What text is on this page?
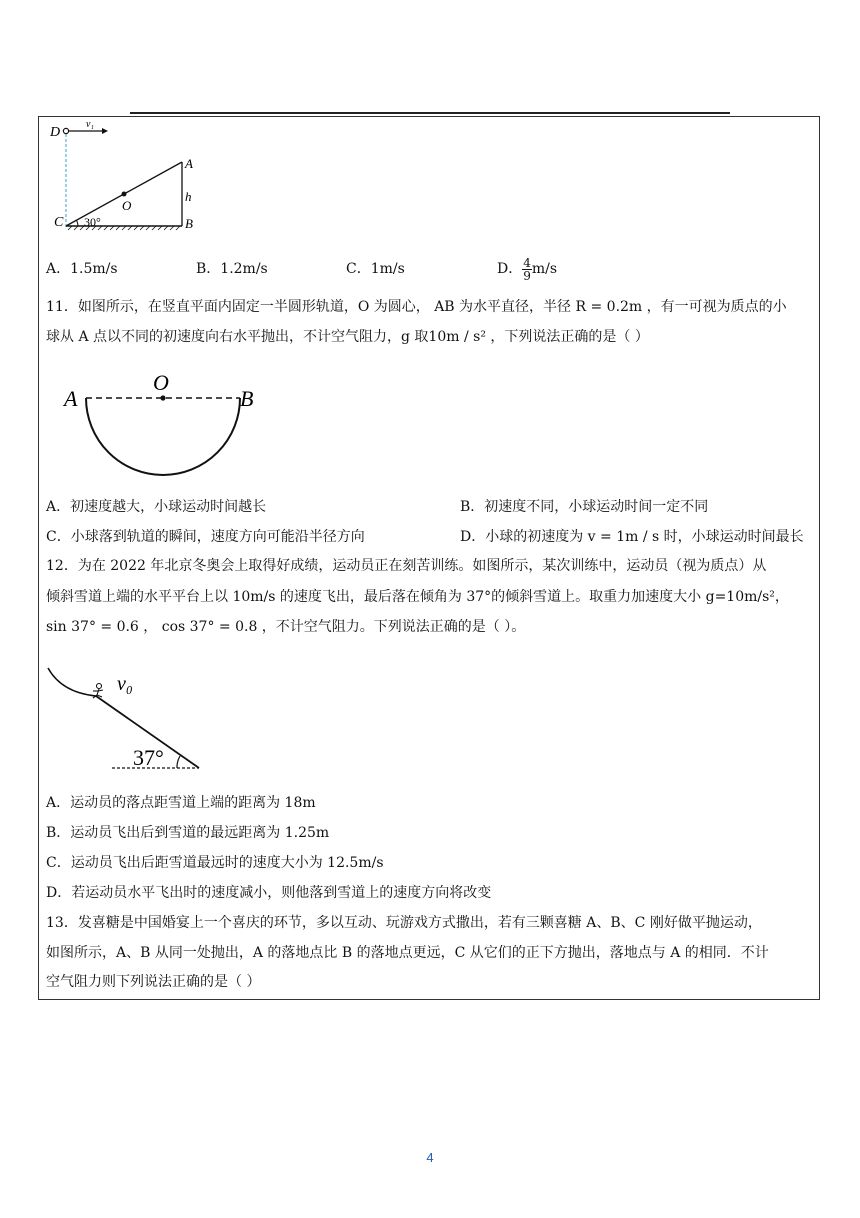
D
v₁
O
A
B
h
C 30°
A．1.5m/s	B．1.2m/s	C．1m/s	D． $\frac{4}{9} m/s$
11．如图所示，在竖直平面内固定一半圆形轨道，O 为圆心， AB 为水平直径，半径 R = 0.2m ，有一可视为质点的小
球从 A 点以不同的初速度向右水平抛出，不计空气阻力，g 取10m / s² ，下列说法正确的是（ ）
A
O
B
A．初速度越大，小球运动时间越长	B．初速度不同，小球运动时间一定不同
C．小球落到轨道的瞬间，速度方向可能沿半径方向	D．小球的初速度为 v = 1m / s 时，小球运动时间最长
12．为在 2022 年北京冬奥会上取得好成绩，运动员正在刻苦训练。如图所示，某次训练中，运动员（视为质点）从
倾斜雪道上端的水平平台上以 10m/s 的速度飞出，最后落在倾角为 37°的倾斜雪道上。取重力加速度大小 g=10m/s²，
sin 37° = 0.6 ， cos 37° = 0.8 ，不计空气阻力。下列说法正确的是（ ）。
v₀
37°
A．运动员的落点距雪道上端的距离为 18m
B．运动员飞出后到雪道的最远距离为 1.25m
C．运动员飞出后距雪道最远时的速度大小为 12.5m/s
D．若运动员水平飞出时的速度减小，则他落到雪道上的速度方向将改变
13．发喜糖是中国婚宴上一个喜庆的环节，多以互动、玩游戏方式撒出，若有三颗喜糖 A、B、C 刚好做平抛运动，
如图所示，A、B 从同一处抛出，A 的落地点比 B 的落地点更远，C 从它们的正下方抛出，落地点与 A 的相同．不计
空气阻力则下列说法正确的是（ ）
4
